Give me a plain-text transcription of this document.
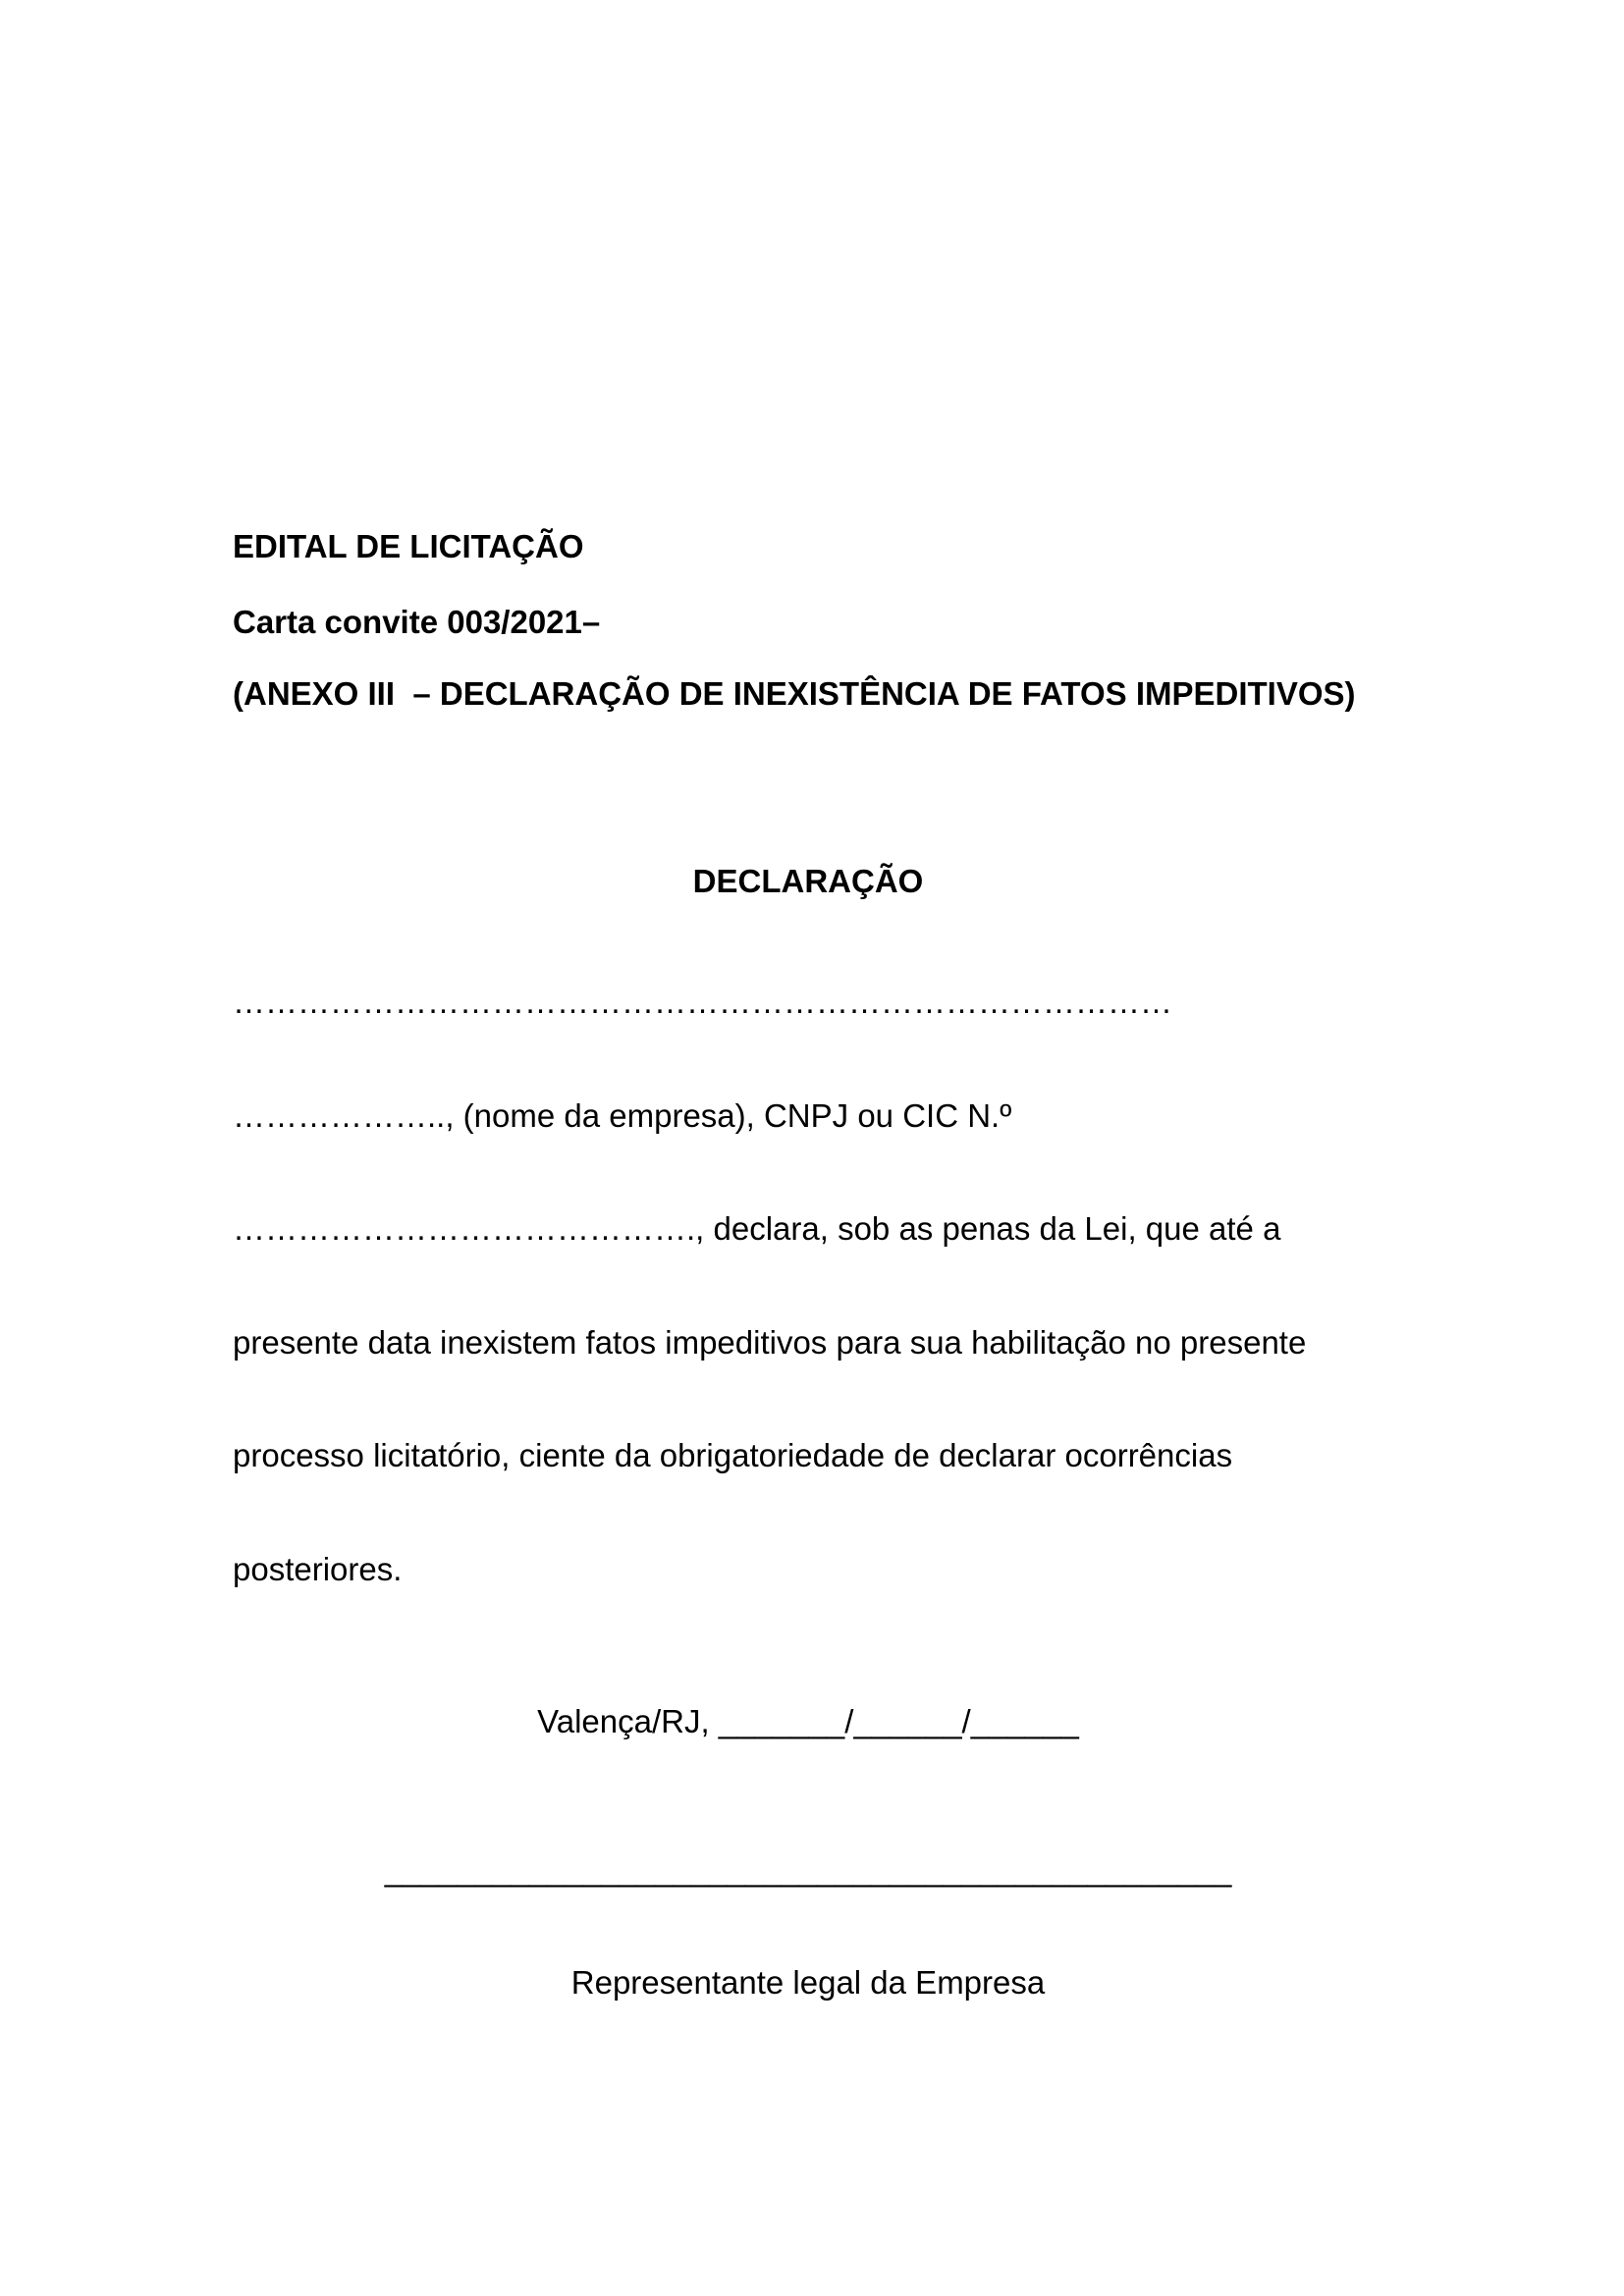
EDITAL DE LICITAÇÃO

Carta convite 003/2021–

(ANEXO III  – DECLARAÇÃO DE INEXISTÊNCIA DE FATOS IMPEDITIVOS)

DECLARAÇÃO

……………………………………………………………………………

……………….., (nome da empresa), CNPJ ou CIC N.º

……………………………………., declara, sob as penas da Lei, que até a

presente data inexistem fatos impeditivos para sua habilitação no presente

processo licitatório, ciente da obrigatoriedade de declarar ocorrências

posteriores.

Valença/RJ, _______/______/______

_______________________________________________

Representante legal da Empresa
